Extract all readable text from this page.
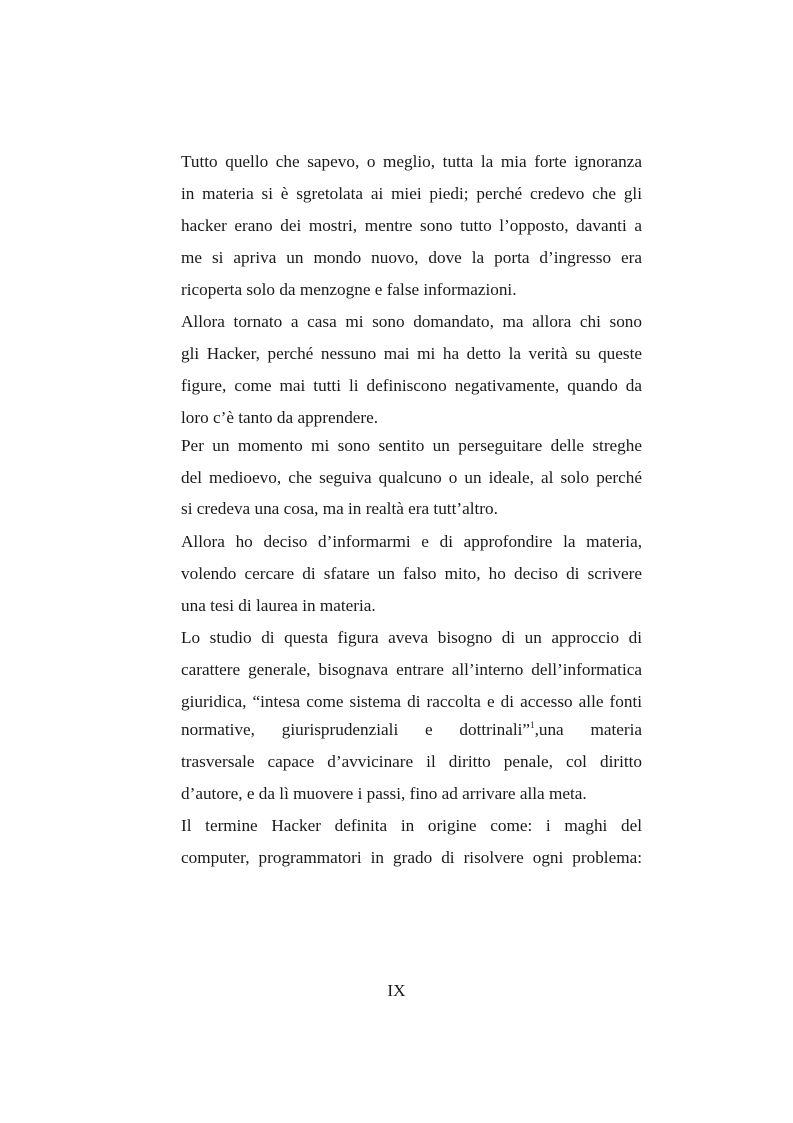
Tutto quello che sapevo, o meglio, tutta la mia forte ignoranza
in materia si è sgretolata ai miei piedi; perché credevo che gli
hacker erano dei mostri, mentre sono tutto l’opposto, davanti a
me si apriva un mondo nuovo, dove la porta d’ingresso era
ricoperta solo da menzogne e false informazioni.
Allora tornato a casa mi sono domandato, ma allora chi sono
gli Hacker, perché nessuno mai mi ha detto la verità su queste
figure, come mai tutti li definiscono negativamente, quando da
loro c’è tanto da apprendere.
Per un momento mi sono sentito un perseguitare delle streghe
del medioevo, che seguiva qualcuno o un ideale, al solo perché
si credeva una cosa, ma in realtà era tutt’altro.
Allora ho deciso d’informarmi e di approfondire la materia,
volendo cercare di sfatare un falso mito, ho deciso di scrivere
una tesi di laurea in materia.
Lo studio di questa figura aveva bisogno di un approccio di
carattere generale, bisognava entrare all’interno dell’informatica
giuridica, “intesa come sistema di raccolta e di accesso alle fonti
normative, giurisprudenziali e dottrinali”$^1$,una materia
trasversale capace d’avvicinare il diritto penale, col diritto
d’autore, e da lì muovere i passi, fino ad arrivare alla meta.
Il termine Hacker definita in origine come: i maghi del
computer, programmatori in grado di risolvere ogni problema:
IX
